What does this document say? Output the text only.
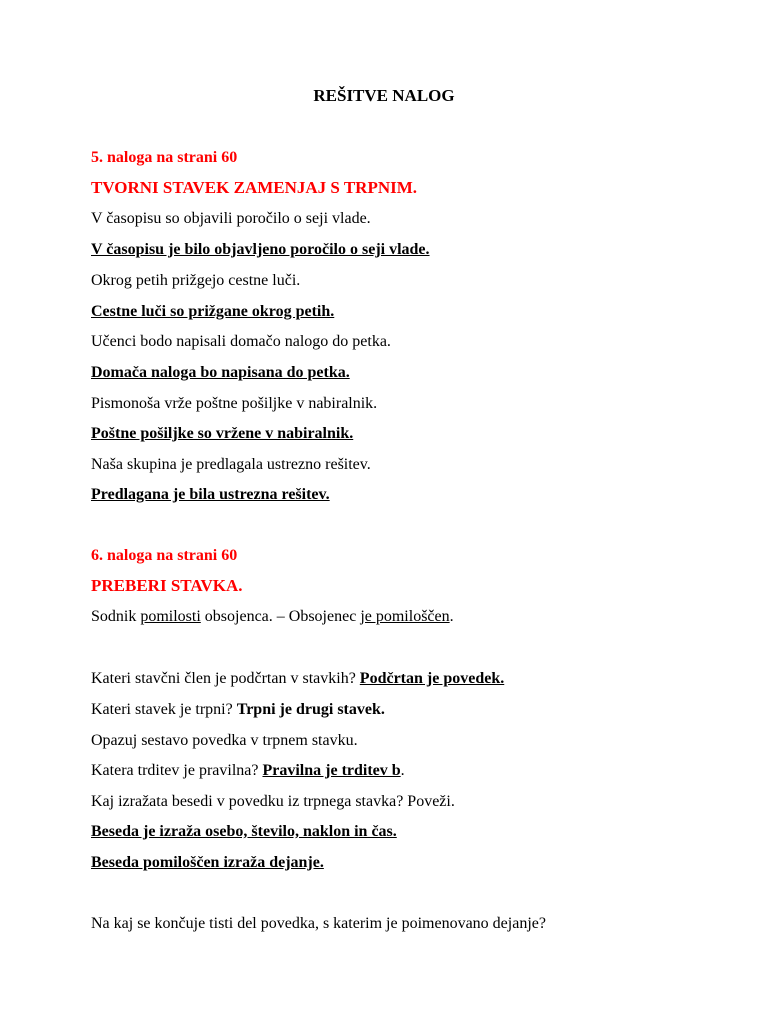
REŠITVE NALOG
5. naloga na strani 60
TVORNI STAVEK ZAMENJAJ S TRPNIM.
V časopisu so objavili poročilo o seji vlade.
V časopisu je bilo objavljeno poročilo o seji vlade.
Okrog petih prižgejo cestne luči.
Cestne luči so prižgane okrog petih.
Učenci bodo napisali domačo nalogo do petka.
Domača naloga bo napisana do petka.
Pismonoša vrže poštne pošiljke v nabiralnik.
Poštne pošiljke so vržene v nabiralnik.
Naša skupina je predlagala ustrezno rešitev.
Predlagana je bila ustrezna rešitev.
6. naloga na strani 60
PREBERI STAVKA.
Sodnik pomilosti obsojenca. – Obsojenec je pomiloščen.
Kateri stavčni člen je podčrtan v stavkih? Podčrtan je povedek.
Kateri stavek je trpni? Trpni je drugi stavek.
Opazuj sestavo povedka v trpnem stavku.
Katera trditev je pravilna? Pravilna je trditev b.
Kaj izražata besedi v povedku iz trpnega stavka? Poveži.
Beseda je izraža osebo, število, naklon in čas.
Beseda pomiloščen izraža dejanje.
Na kaj se končuje tisti del povedka, s katerim je poimenovano dejanje?
